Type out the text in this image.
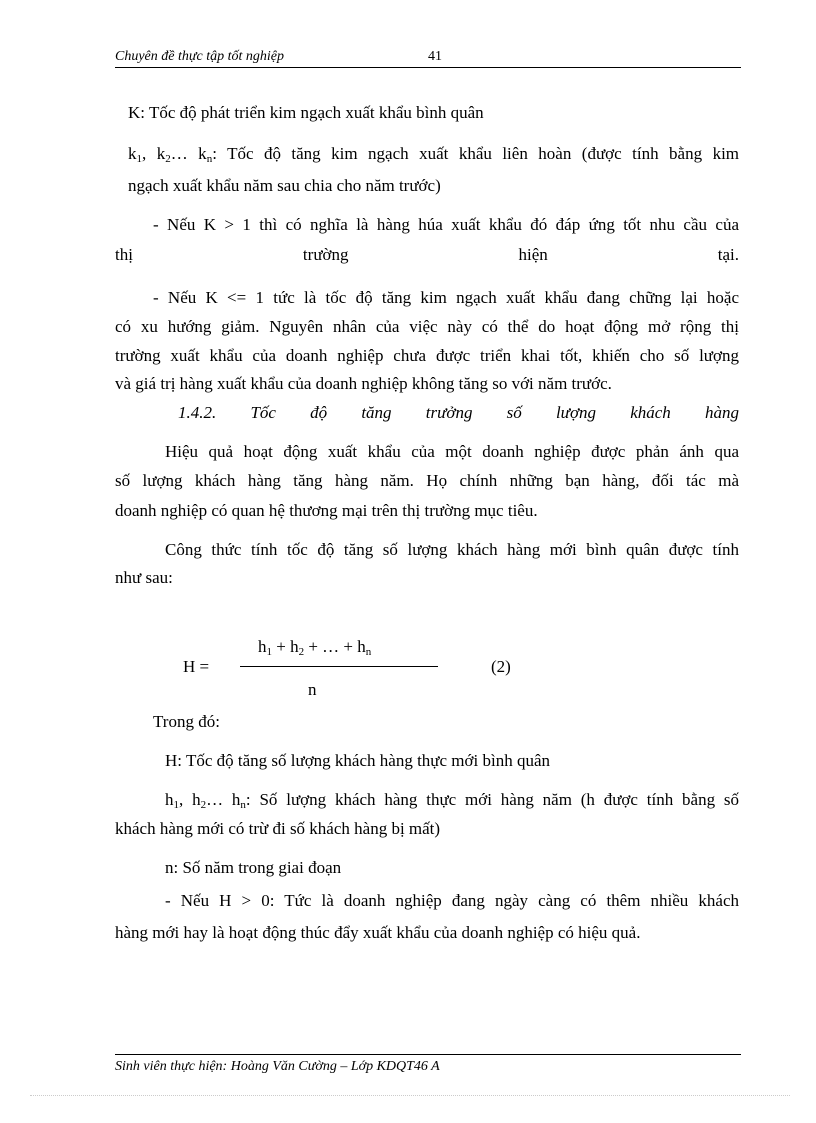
Chuyên đề thực tập tốt nghiệp	41
K: Tốc độ phát triển kim ngạch xuất khẩu bình quân
$k_1$, $k_2\dots$ $k_n$: Tốc độ tăng kim ngạch xuất khẩu liên hoàn (được tính bằng kim
ngạch xuất khẩu năm sau chia cho năm trước)
- Nếu K > 1 thì có nghĩa là hàng húa xuất khẩu đó đáp ứng tốt nhu cầu của
thị trường hiện tại.
- Nếu K <= 1 tức là tốc độ tăng kim ngạch xuất khẩu đang chững lại hoặc
có xu hướng giảm. Nguyên nhân của việc này có thể do hoạt động mở rộng thị
trường xuất khẩu của doanh nghiệp chưa được triển khai tốt, khiến cho số lượng
và giá trị hàng xuất khẩu của doanh nghiệp không tăng so với năm trước.
1.4.2. Tốc độ tăng trưởng số lượng khách hàng
Hiệu quả hoạt động xuất khẩu của một doanh nghiệp được phản ánh qua
số lượng khách hàng tăng hàng năm. Họ chính những bạn hàng, đối tác mà
doanh nghiệp có quan hệ thương mại trên thị trường mục tiêu.
Công thức tính tốc độ tăng số lượng khách hàng mới bình quân được tính
như sau:
H =
$h_1 + h_2$ + … + $h_n$
n
(2)
Trong đó:
H: Tốc độ tăng số lượng khách hàng thực mới bình quân
$h_1$, $h_2\dots$ $h_n$: Số lượng khách hàng thực mới hàng năm (h được tính bằng số
khách hàng mới có trừ đi số khách hàng bị mất)
n: Số năm trong giai đoạn
- Nếu H > 0: Tức là doanh nghiệp đang ngày càng có thêm nhiều khách
hàng mới hay là hoạt động thúc đẩy xuất khẩu của doanh nghiệp có hiệu quả.
Sinh viên thực hiện: Hoàng Văn Cường – Lớp KDQT46 A
